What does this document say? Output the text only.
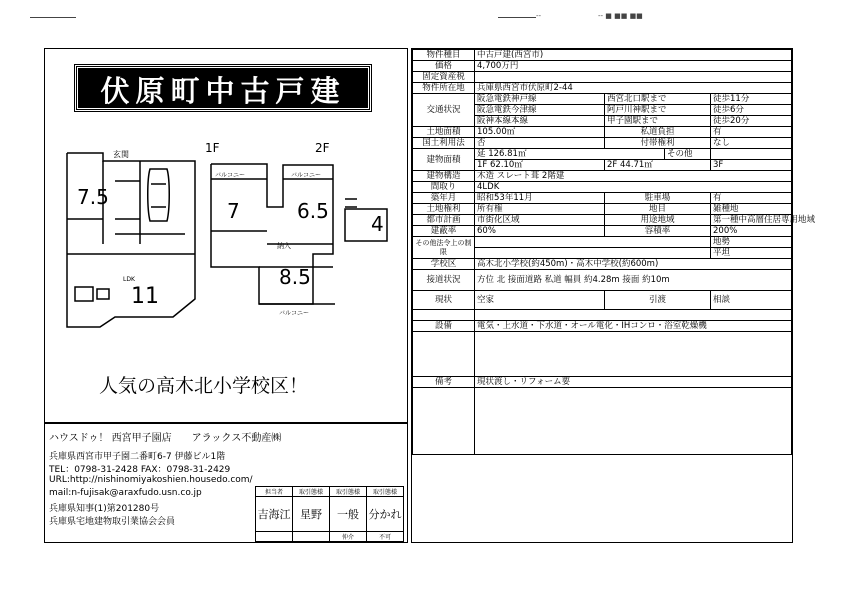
-- ■ ■■ ■■
--
伏原町中古戸建
1F	2F
7.5
11
LDK
玄関
7	6.5
8.5
バルコニー	バルコニー
バルコニー
納入
4
人気の高木北小学校区！
ハウスドゥ！ 西宮甲子園店　　アラックス不動産㈱
兵庫県西宮市甲子園二番町6-7 伊藤ビル1階
TEL：0798-31-2428 FAX：0798-31-2429
URL:http://nishinomiyakoshien.housedo.com/
mail:n-fujisak@araxfudo.usn.co.jp
兵庫県知事(1)第201280号
兵庫県宅地建物取引業協会会員
担当者	取引態様	取引態様	取引態様
吉海江	星野	一般	分かれ
		仲介	不可
物件種目	中古戸建(西宮市)			
価格	4,700万円			
固定資産税				
物件所在地	兵庫県西宮市伏原町2-44			
交通状況	阪急電鉄神戸線	西宮北口駅まで		徒歩11分
	阪急電鉄今津線	阿戸川神駅まで		徒歩6分
	阪神本線本線	甲子園駅まで		徒歩20分
土地面積	105.00㎡	私道負担		有
国土利用法	否	付帯権利		なし
建物面積	延 126.81㎡		その他	
	1F 62.10㎡	2F 44.71㎡		3F
建物構造	木造 スレート葺 2階建			
間取り	4LDK			
築年月	昭和53年11月	駐車場		有
土地権利	所有権	地目		雑種地
都市計画	市街化区域	用途地域		第一種中高層住居専用地域
建蔽率	60%	容積率		200%
その他法令上の制限				地勢
				平坦
学校区	高木北小学校(約450m)・高木中学校(約600m)			
接道状況	方位 北 接面道路 私道 幅員 約4.28m 接面 約10m			
現状	空家	引渡		相談

設備	電気・上水道・下水道・オール電化・IHコンロ・浴室乾燥機			

備考	現状渡し・リフォーム要			
